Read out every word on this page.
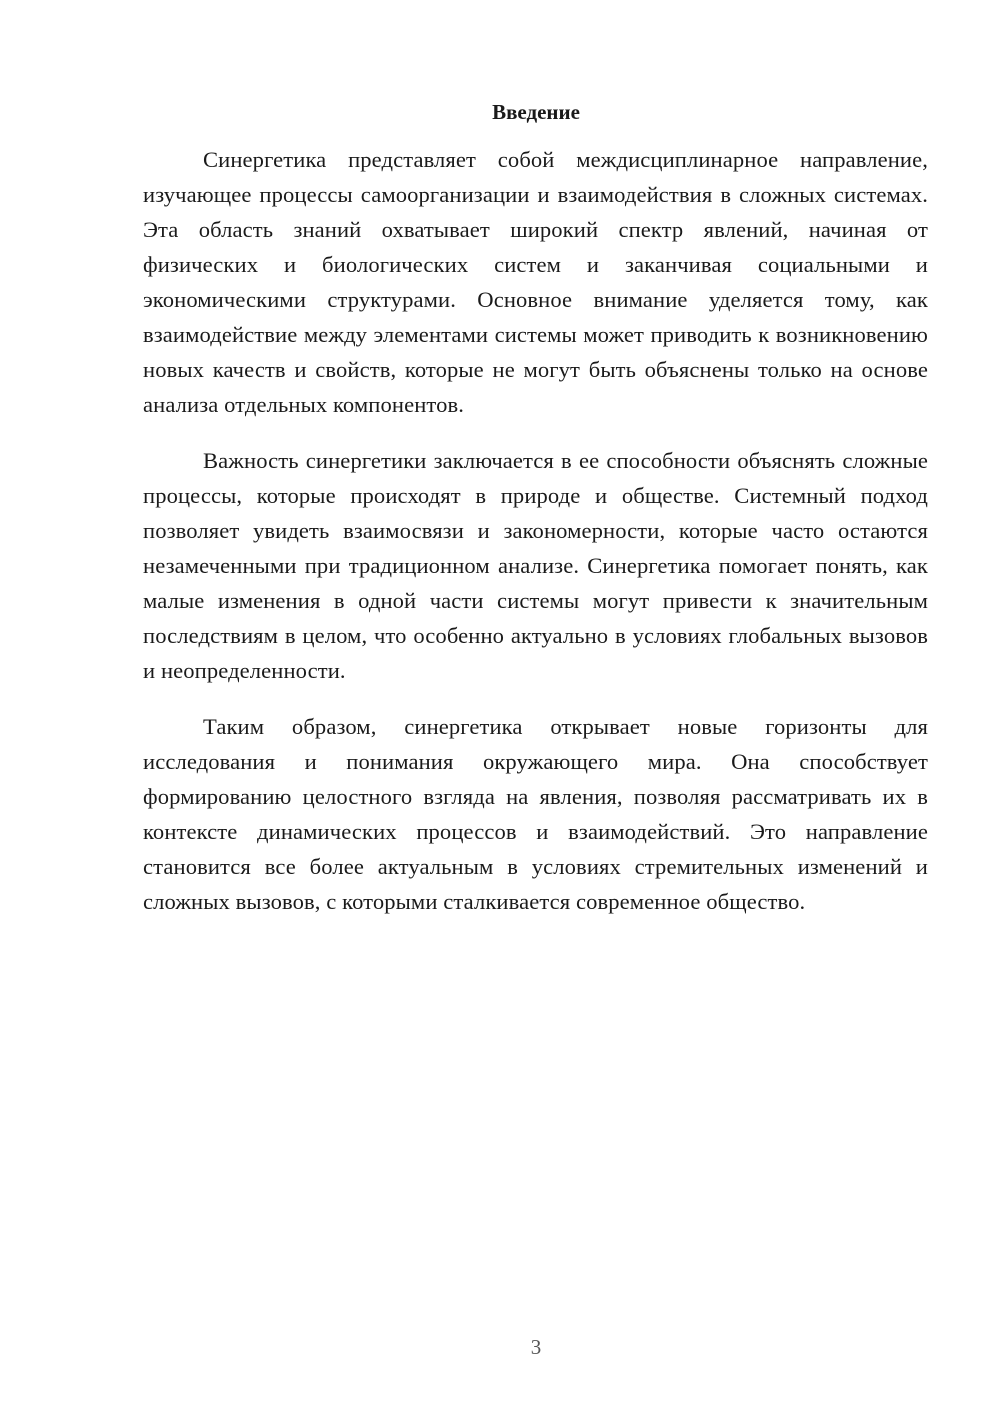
Введение

Синергетика представляет собой междисциплинарное направление, изучающее процессы самоорганизации и взаимодействия в сложных системах. Эта область знаний охватывает широкий спектр явлений, начиная от физических и биологических систем и заканчивая социальными и экономическими структурами. Основное внимание уделяется тому, как взаимодействие между элементами системы может приводить к возникновению новых качеств и свойств, которые не могут быть объяснены только на основе анализа отдельных компонентов.

Важность синергетики заключается в ее способности объяснять сложные процессы, которые происходят в природе и обществе. Системный подход позволяет увидеть взаимосвязи и закономерности, которые часто остаются незамеченными при традиционном анализе. Синергетика помогает понять, как малые изменения в одной части системы могут привести к значительным последствиям в целом, что особенно актуально в условиях глобальных вызовов и неопределенности.

Таким образом, синергетика открывает новые горизонты для исследования и понимания окружающего мира. Она способствует формированию целостного взгляда на явления, позволяя рассматривать их в контексте динамических процессов и взаимодействий. Это направление становится все более актуальным в условиях стремительных изменений и сложных вызовов, с которыми сталкивается современное общество.

3
